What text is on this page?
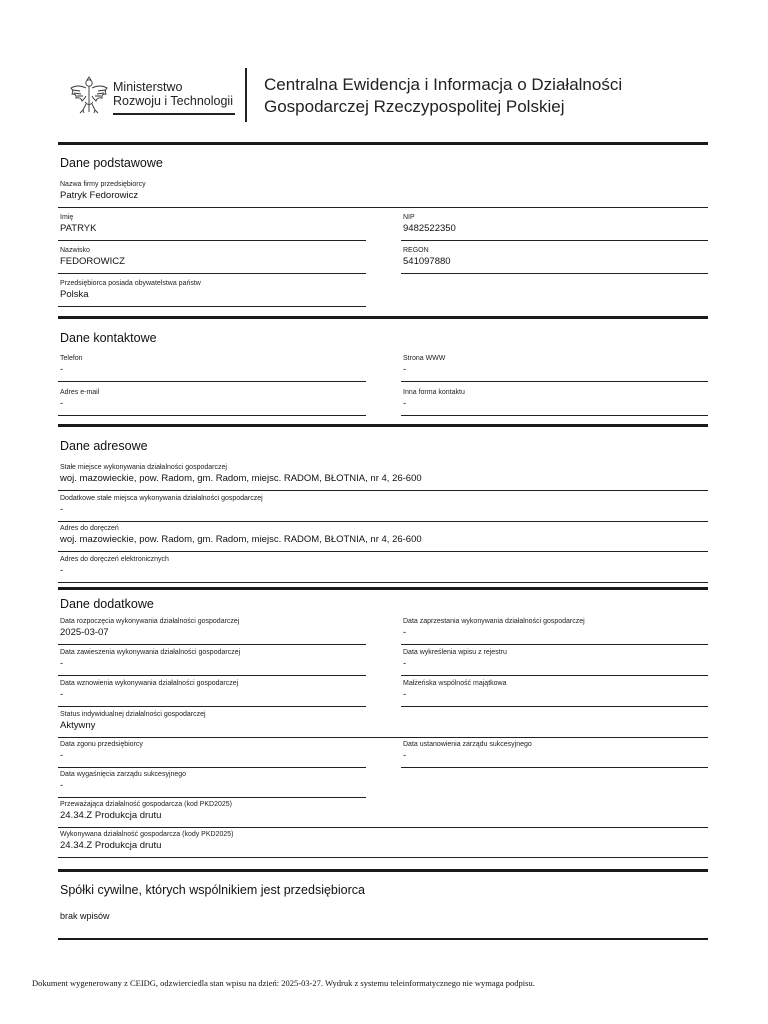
Ministerstwo
Rozwoju i Technologii
Centralna Ewidencja i Informacja o Działalności
Gospodarczej Rzeczypospolitej Polskiej
Dane podstawowe
Nazwa firmy przedsiębiorcy
Patryk Fedorowicz
Imię
PATRYK
NIP
9482522350
Nazwisko
FEDOROWICZ
REGON
541097880
Przedsiębiorca posiada obywatelstwa państw
Polska
Dane kontaktowe
Telefon
-
Strona WWW
-
Adres e-mail
-
Inna forma kontaktu
-
Dane adresowe
Stałe miejsce wykonywania działalności gospodarczej
woj. mazowieckie, pow. Radom, gm. Radom, miejsc. RADOM, BŁOTNIA, nr 4, 26-600
Dodatkowe stałe miejsca wykonywania działalności gospodarczej
-
Adres do doręczeń
woj. mazowieckie, pow. Radom, gm. Radom, miejsc. RADOM, BŁOTNIA, nr 4, 26-600
Adres do doręczeń elektronicznych
-
Dane dodatkowe
Data rozpoczęcia wykonywania działalności gospodarczej
2025-03-07
Data zaprzestania wykonywania działalności gospodarczej
-
Data zawieszenia wykonywania działalności gospodarczej
-
Data wykreślenia wpisu z rejestru
-
Data wznowienia wykonywania działalności gospodarczej
-
Małżeńska wspólność majątkowa
-
Status indywidualnej działalności gospodarczej
Aktywny
Data zgonu przedsiębiorcy
-
Data ustanowienia zarządu sukcesyjnego
-
Data wygaśnięcia zarządu sukcesyjnego
-
Przeważająca działalność gospodarcza (kod PKD2025)
24.34.Z Produkcja drutu
Wykonywana działalność gospodarcza (kody PKD2025)
24.34.Z Produkcja drutu
Spółki cywilne, których wspólnikiem jest przedsiębiorca
brak wpisów
Dokument wygenerowany z CEIDG, odzwierciedla stan wpisu na dzień: 2025-03-27. Wydruk z systemu teleinformatycznego nie wymaga podpisu.
